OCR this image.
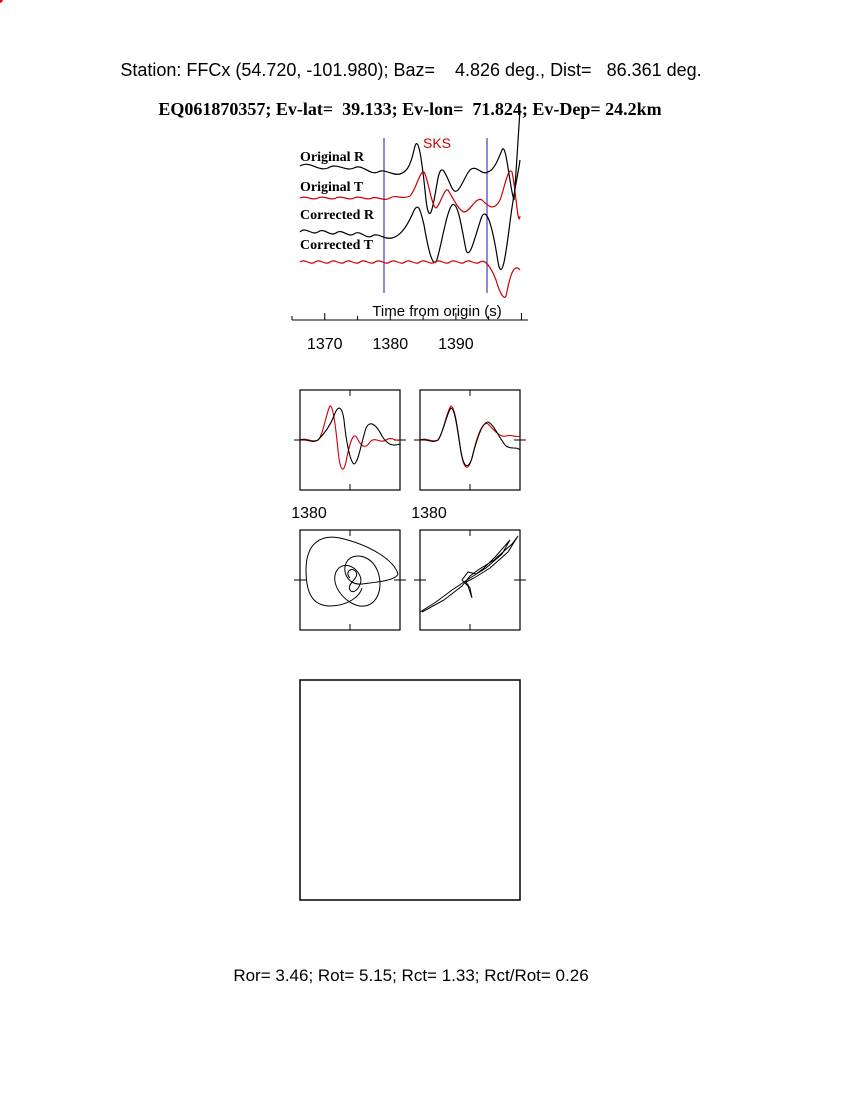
Station: FFCx (54.720, -101.980); Baz=    4.826 deg., Dist=   86.361 deg.
EQ061870357; Ev-lat=  39.133; Ev-lon=  71.824; Ev-Dep= 24.2km
SKS
Original R
Original T
Corrected R
Corrected T
Time from origin (s)
1370 1380 1390
1380	1380
Ror= 3.46; Rot= 5.15; Rct= 1.33; Rct/Rot= 0.26
